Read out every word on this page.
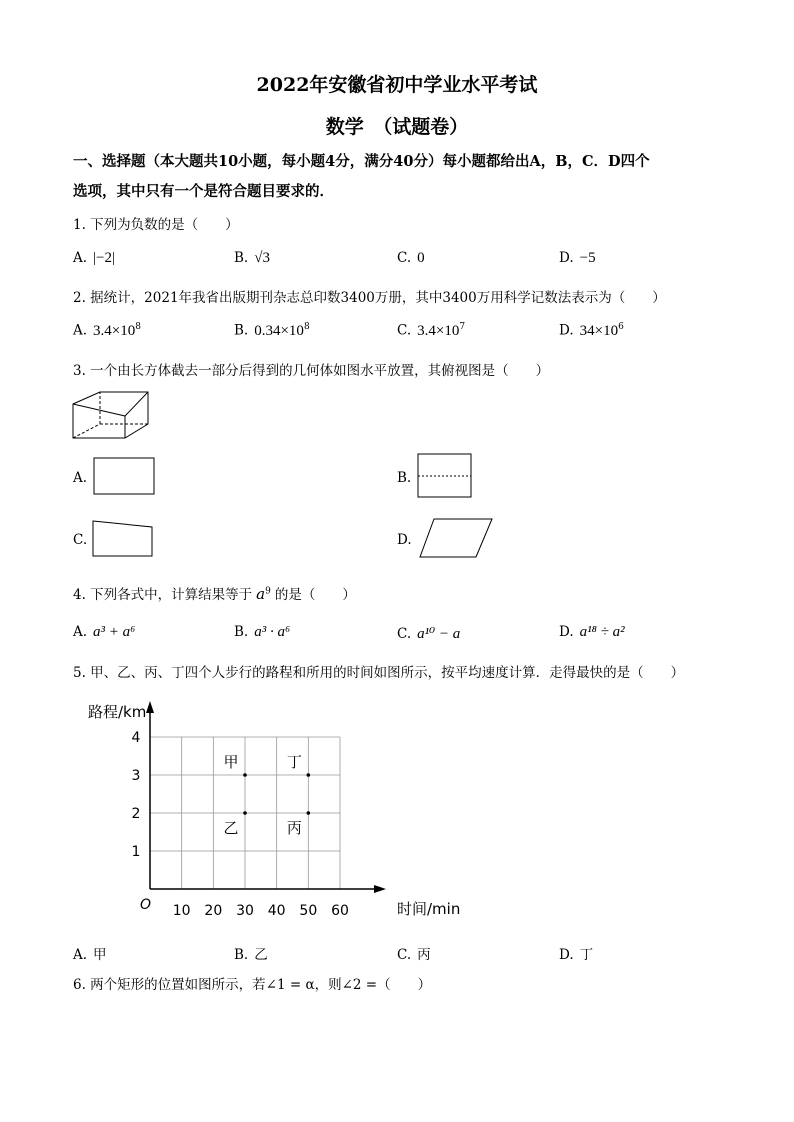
2022年安徽省初中学业水平考试
数学　（试题卷）
一、选择题（本大题共10小题，每小题4分，满分40分）每小题都给出A，B，C．D四个
选项，其中只有一个是符合题目要求的．
1. 下列为负数的是（　　）
A. |−2|	B. √3	C. 0	D. −5
2. 据统计，2021年我省出版期刊杂志总印数3400万册，其中3400万用科学记数法表示为（　　）
A. $3.4\times 10^8$	B. $0.34\times 10^8$	C. $3.4\times 10^7$	D. $34\times 10^6$
3. 一个由长方体截去一部分后得到的几何体如图水平放置，其俯视图是（　　）
A.	B.
C.	D.
4. 下列各式中，计算结果等于 $a^9$ 的是（　　）
A. a³ + a⁶	B. a³ · a⁶	C. a¹⁰ − a	D. a¹⁸ ÷ a²
5. 甲、乙、丙、丁四个人步行的路程和所用的时间如图所示，按平均速度计算．走得最快的是（　　）
10 20 30 40 50 60
1
2
3
4
甲
乙	丙
丁
路程/km
时间/min
O
A. 甲	B. 乙	C. 丙	D. 丁
6. 两个矩形的位置如图所示，若∠1 = α，则∠2 =（　　）
